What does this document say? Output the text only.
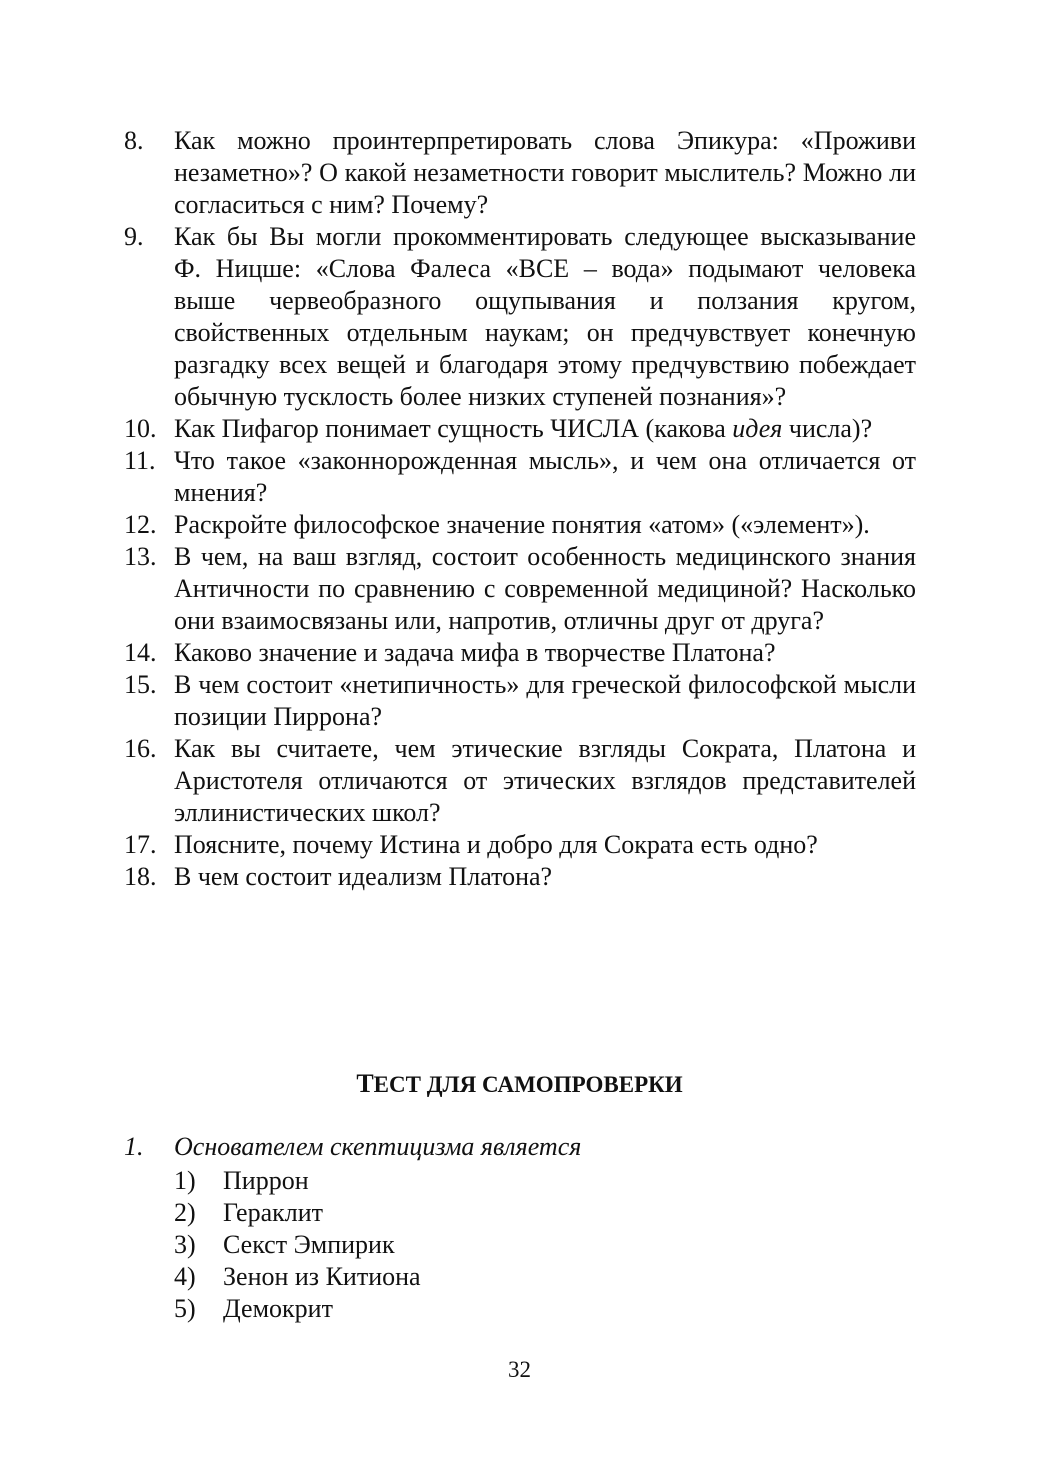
8. Как можно проинтерпретировать слова Эпикура: «Проживи незаметно»? О какой незаметности говорит мыслитель? Можно ли согласиться с ним? Почему?
9. Как бы Вы могли прокомментировать следующее высказывание Ф. Ницше: «Слова Фалеса «ВСЕ – вода» подымают человека выше червеобразного ощупывания и ползания кругом, свойственных отдельным наукам; он предчувствует конечную разгадку всех вещей и благодаря этому предчувствию побеждает обычную тусклость более низких ступеней познания»?
10. Как Пифагор понимает сущность ЧИСЛА (какова идея числа)?
11. Что такое «законнорожденная мысль», и чем она отличается от мнения?
12. Раскройте философское значение понятия «атом» («элемент»).
13. В чем, на ваш взгляд, состоит особенность медицинского знания Античности по сравнению с современной медициной? Насколько они взаимосвязаны или, напротив, отличны друг от друга?
14. Каково значение и задача мифа в творчестве Платона?
15. В чем состоит «нетипичность» для греческой философской мысли позиции Пиррона?
16. Как вы считаете, чем этические взгляды Сократа, Платона и Аристотеля отличаются от этических взглядов представителей эллинистических школ?
17. Поясните, почему Истина и добро для Сократа есть одно?
18. В чем состоит идеализм Платона?
ТЕСТ ДЛЯ САМОПРОВЕРКИ
1. Основателем скептицизма является
1) Пиррон
2) Гераклит
3) Секст Эмпирик
4) Зенон из Китиона
5) Демокрит
32
